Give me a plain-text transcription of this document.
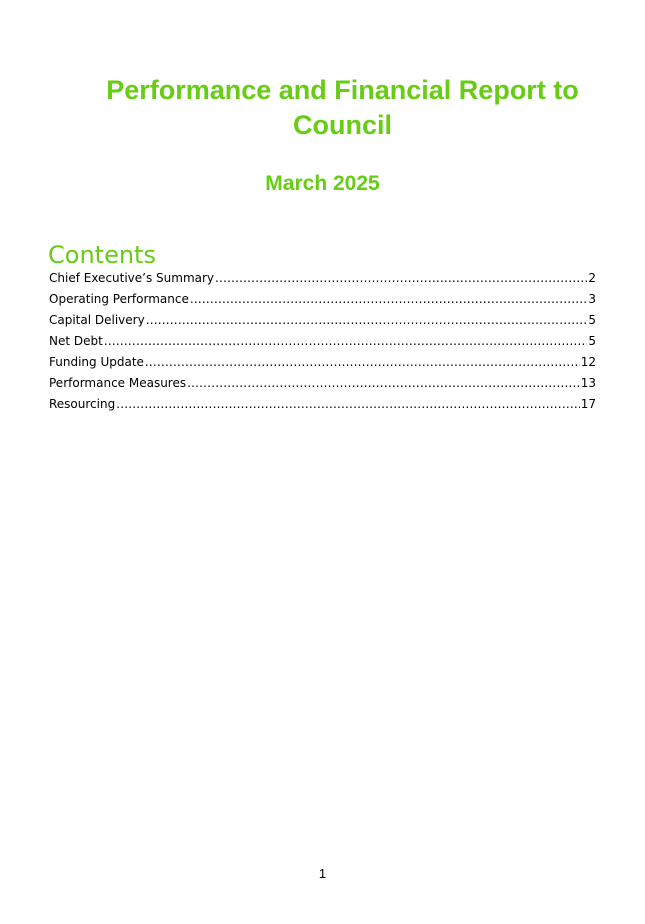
Performance and Financial Report to Council
March 2025
Contents
Chief Executive’s Summary .....	2
Operating Performance .....	3
Capital Delivery .....	5
Net Debt .....	5
Funding Update .....	12
Performance Measures .....	13
Resourcing .....	17
1
